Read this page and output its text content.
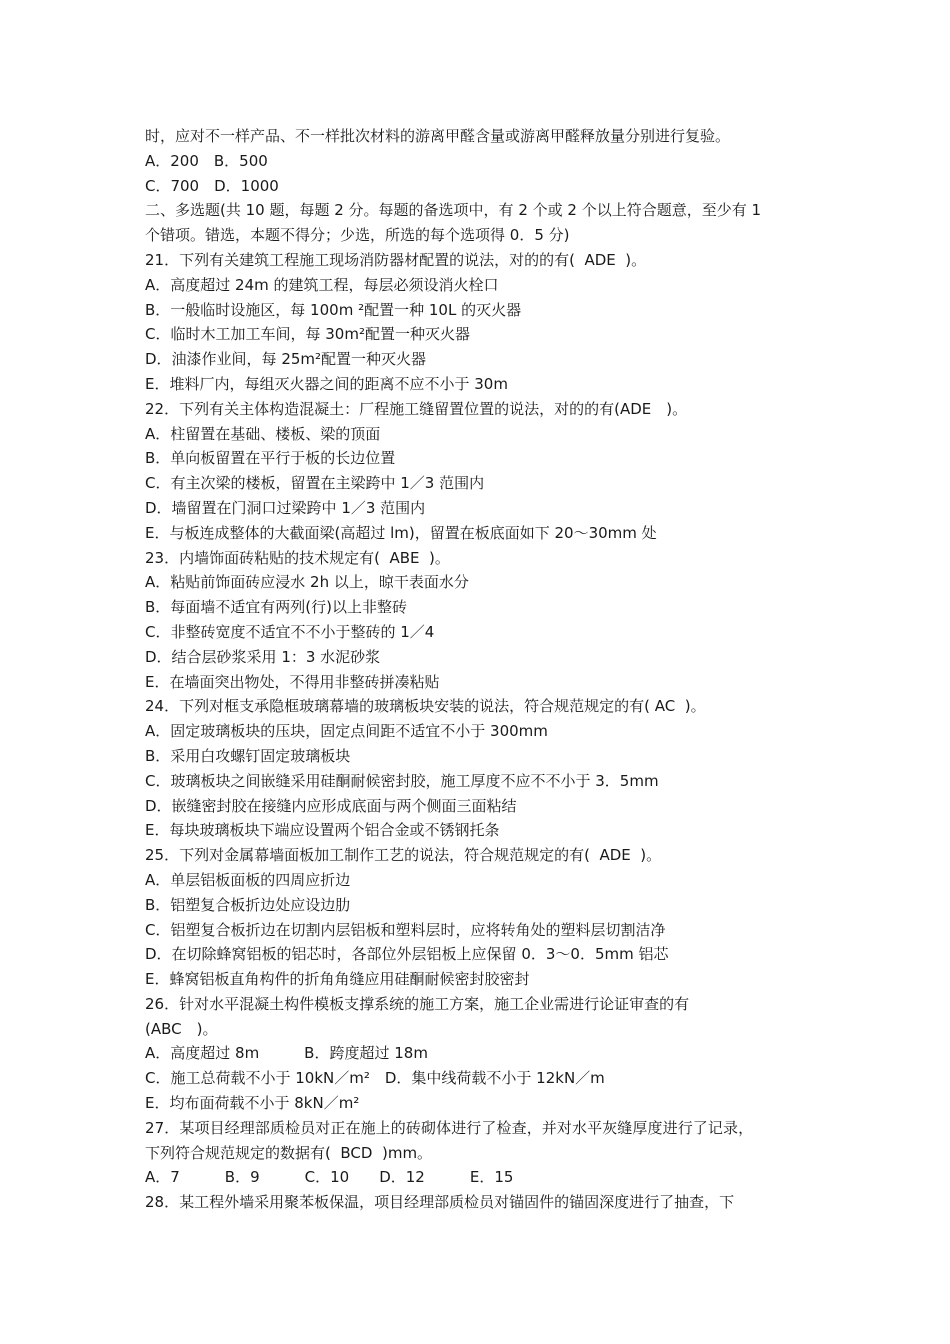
时，应对不一样产品、不一样批次材料的游离甲醛含量或游离甲醛释放量分别进行复验。
A．200　B．500
C．700　D．1000
二、多选题(共 10 题，每题 2 分。每题的备选项中，有 2 个或 2 个以上符合题意，至少有 1
个错项。错选，本题不得分；少选，所选的每个选项得 0．5 分)
21．下列有关建筑工程施工现场消防器材配置的说法，对的的有(  ADE  )。
A．高度超过 24m 的建筑工程，每层必须设消火栓口
B．一般临时设施区，每 100m ²配置一种 10L 的灭火器
C．临时木工加工车间，每 30m²配置一种灭火器
D．油漆作业间，每 25m²配置一种灭火器
E．堆料厂内，每组灭火器之间的距离不应不小于 30m
22．下列有关主体构造混凝土：厂程施工缝留置位置的说法，对的的有(ADE　)。
A．柱留置在基础、楼板、梁的顶面
B．单向板留置在平行于板的长边位置
C．有主次梁的楼板，留置在主梁跨中 1／3 范围内
D．墙留置在门洞口过梁跨中 1／3 范围内
E．与板连成整体的大截面梁(高超过 lm)，留置在板底面如下 20～30mm 处
23．内墙饰面砖粘贴的技术规定有(  ABE  )。
A．粘贴前饰面砖应浸水 2h 以上，晾干表面水分
B．每面墙不适宜有两列(行)以上非整砖
C．非整砖宽度不适宜不不小于整砖的 1／4
D．结合层砂浆采用 1：3 水泥砂浆
E．在墙面突出物处，不得用非整砖拼凑粘贴
24．下列对框支承隐框玻璃幕墙的玻璃板块安装的说法，符合规范规定的有( AC  )。
A．固定玻璃板块的压块，固定点间距不适宜不小于 300mm
B．采用白攻螺钉固定玻璃板块
C．玻璃板块之间嵌缝采用硅酮耐候密封胶，施工厚度不应不不小于 3．5mm
D．嵌缝密封胶在接缝内应形成底面与两个侧面三面粘结
E．每块玻璃板块下端应设置两个铝合金或不锈钢托条
25．下列对金属幕墙面板加工制作工艺的说法，符合规范规定的有(  ADE  )。
A．单层铝板面板的四周应折边
B．铝塑复合板折边处应设边肋
C．铝塑复合板折边在切割内层铝板和塑料层时，应将转角处的塑料层切割洁净
D．在切除蜂窝铝板的铝芯时，各部位外层铝板上应保留 0．3～0．5mm 铝芯
E．蜂窝铝板直角构件的折角角缝应用硅酮耐候密封胶密封
26．针对水平混凝土构件模板支撑系统的施工方案，施工企业需进行论证审查的有
(ABC　)。
A．高度超过 8m　　　B．跨度超过 18m
C．施工总荷载不小于 10kN／m²　D．集中线荷载不小于 12kN／m
E．均布面荷载不小于 8kN／m²
27．某项目经理部质检员对正在施上的砖砌体进行了检查，并对水平灰缝厚度进行了记录，
下列符合规范规定的数据有(  BCD  )mm。
A．7　　　B．9　　　C．10　　D．12　　　E．15
28．某工程外墙采用聚苯板保温，项目经理部质检员对锚固件的锚固深度进行了抽查，下
